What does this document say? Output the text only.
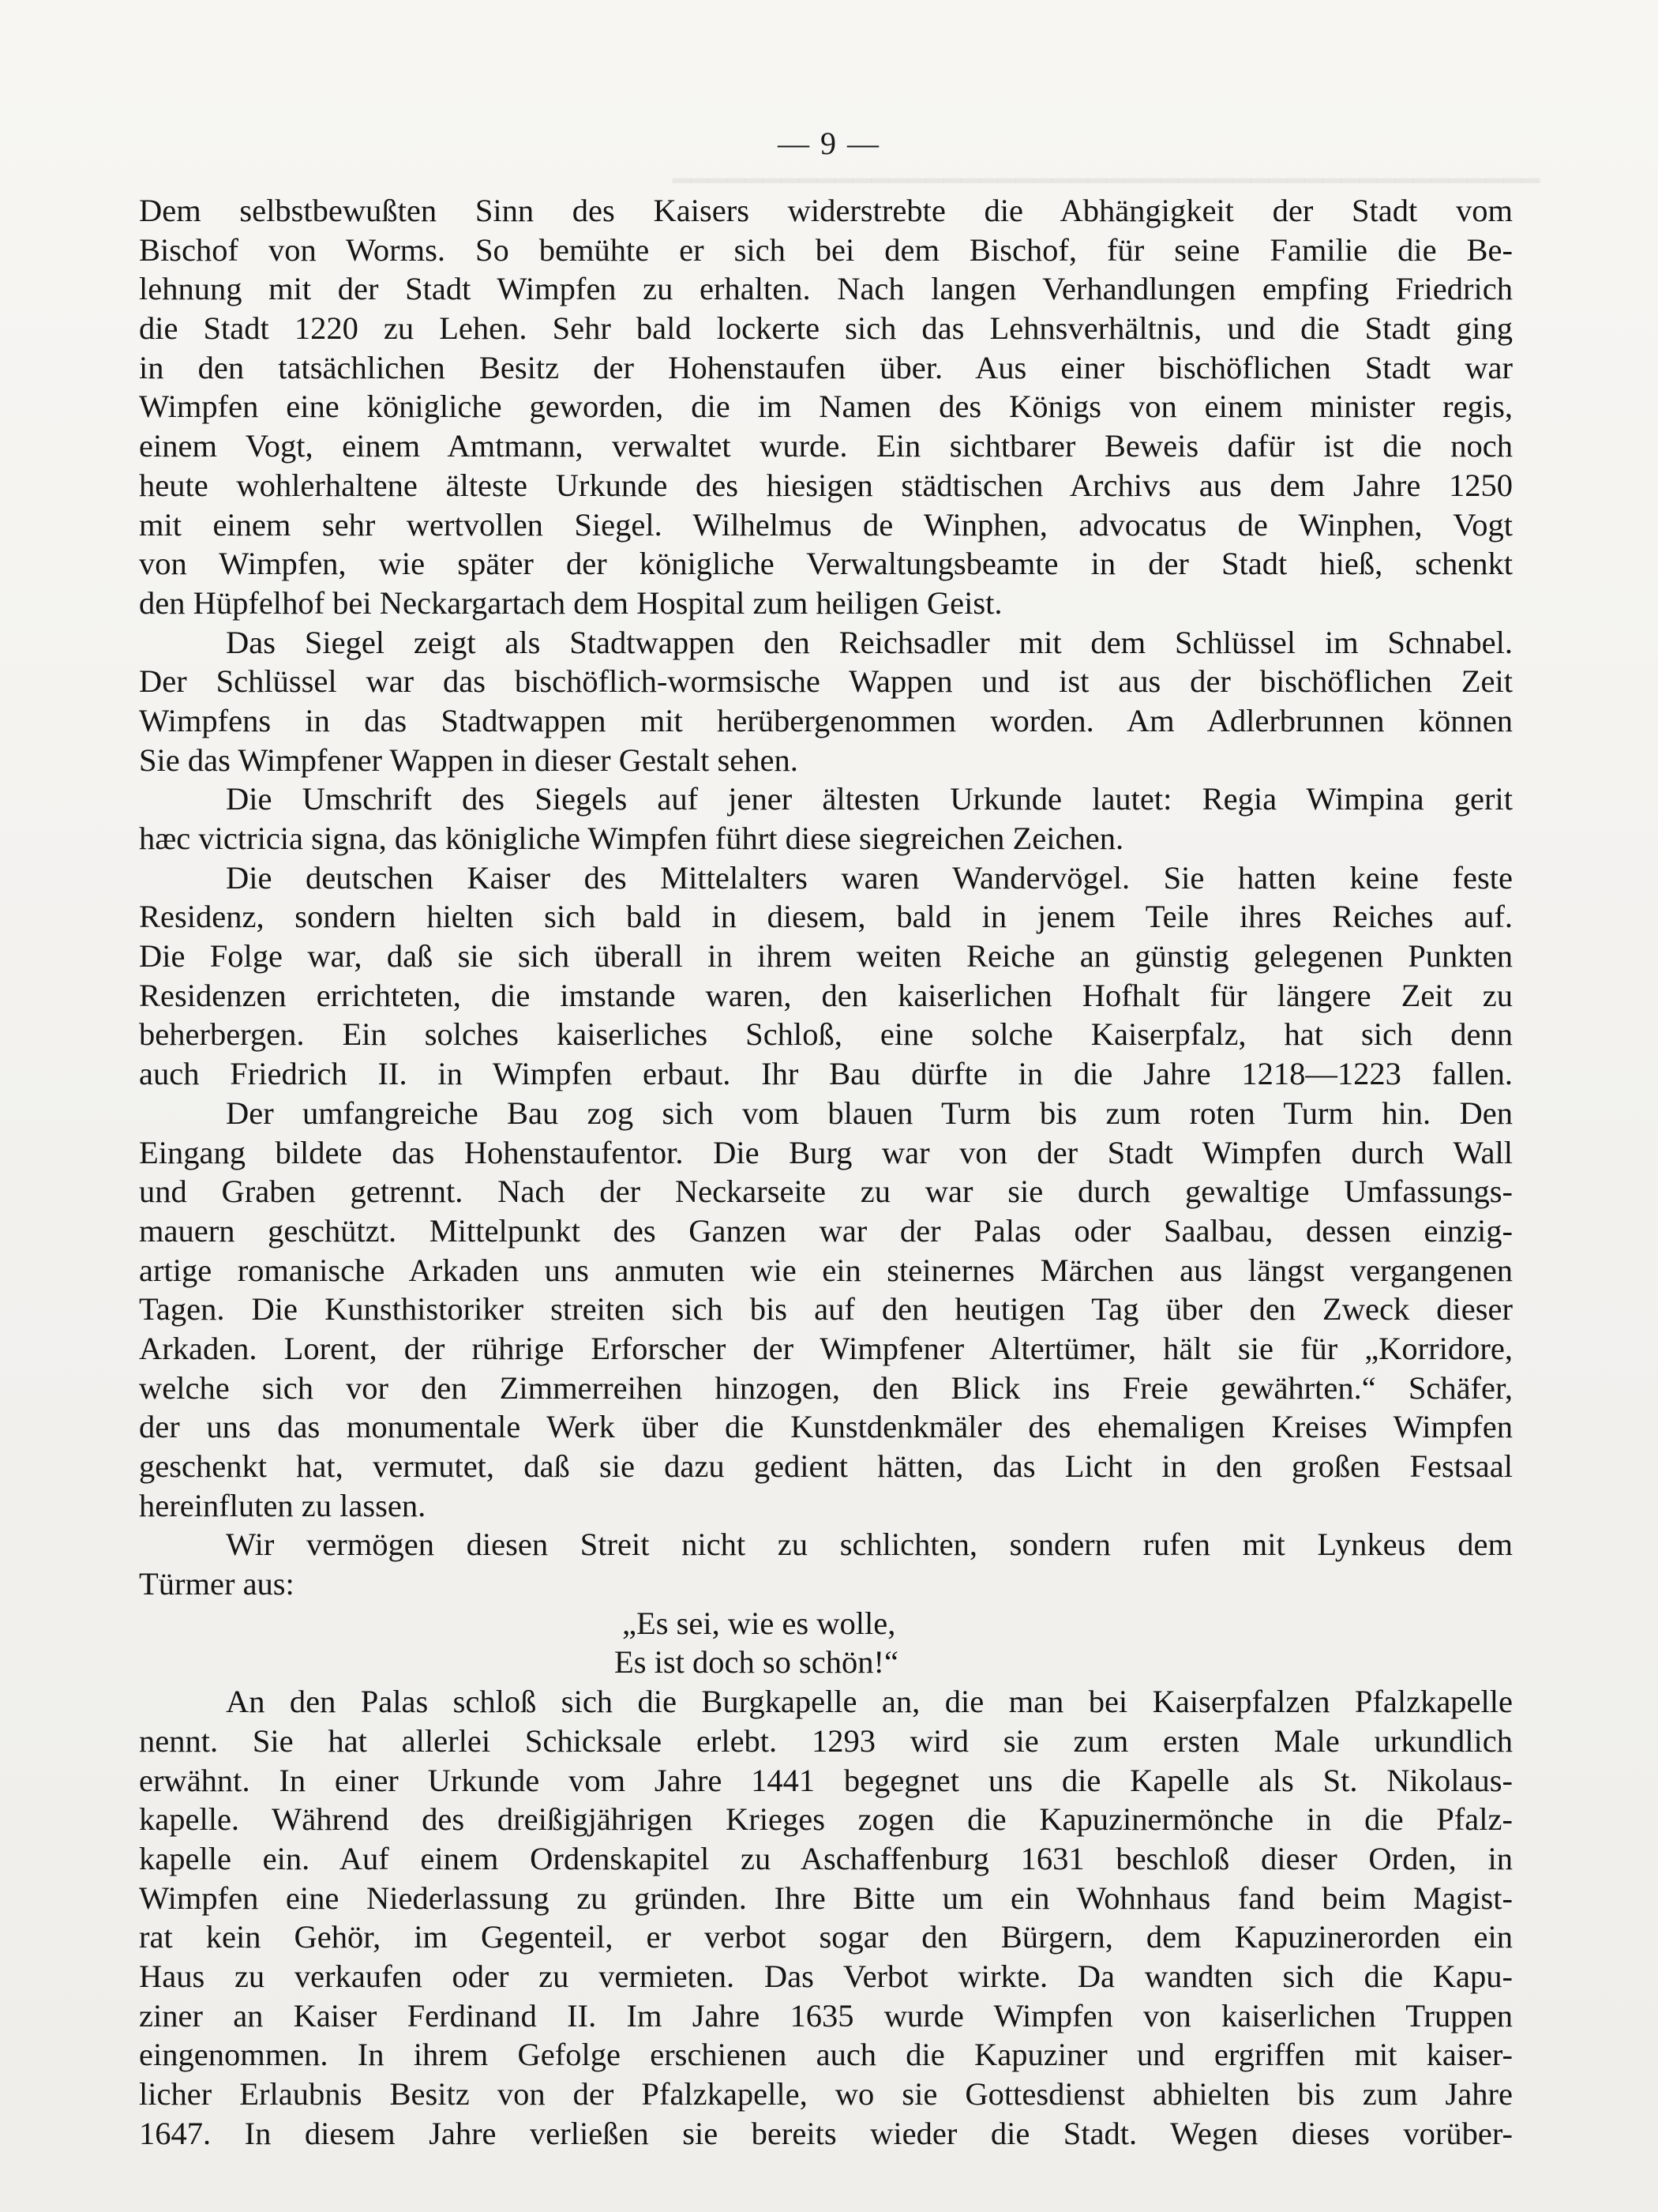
━━━━━━━━━━━━━━━━━━━━━━━━━━━━━━━━━━━━━━━━━━━━━━━━
— 9 —
Dem selbstbewußten Sinn des Kaisers widerstrebte die Abhängigkeit der Stadt vom
Bischof von Worms. So bemühte er sich bei dem Bischof, für seine Familie die Be-
lehnung mit der Stadt Wimpfen zu erhalten. Nach langen Verhandlungen empfing Friedrich
die Stadt 1220 zu Lehen. Sehr bald lockerte sich das Lehnsverhältnis, und die Stadt ging
in den tatsächlichen Besitz der Hohenstaufen über. Aus einer bischöflichen Stadt war
Wimpfen eine königliche geworden, die im Namen des Königs von einem minister regis,
einem Vogt, einem Amtmann, verwaltet wurde. Ein sichtbarer Beweis dafür ist die noch
heute wohlerhaltene älteste Urkunde des hiesigen städtischen Archivs aus dem Jahre 1250
mit einem sehr wertvollen Siegel. Wilhelmus de Winphen, advocatus de Winphen, Vogt
von Wimpfen, wie später der königliche Verwaltungsbeamte in der Stadt hieß, schenkt
den Hüpfelhof bei Neckargartach dem Hospital zum heiligen Geist.
Das Siegel zeigt als Stadtwappen den Reichsadler mit dem Schlüssel im Schnabel.
Der Schlüssel war das bischöflich-wormsische Wappen und ist aus der bischöflichen Zeit
Wimpfens in das Stadtwappen mit herübergenommen worden. Am Adlerbrunnen können
Sie das Wimpfener Wappen in dieser Gestalt sehen.
Die Umschrift des Siegels auf jener ältesten Urkunde lautet: Regia Wimpina gerit
hæc victricia signa, das königliche Wimpfen führt diese siegreichen Zeichen.
Die deutschen Kaiser des Mittelalters waren Wandervögel. Sie hatten keine feste
Residenz, sondern hielten sich bald in diesem, bald in jenem Teile ihres Reiches auf.
Die Folge war, daß sie sich überall in ihrem weiten Reiche an günstig gelegenen Punkten
Residenzen errichteten, die imstande waren, den kaiserlichen Hofhalt für längere Zeit zu
beherbergen. Ein solches kaiserliches Schloß, eine solche Kaiserpfalz, hat sich denn
auch Friedrich II. in Wimpfen erbaut. Ihr Bau dürfte in die Jahre 1218—1223 fallen.
Der umfangreiche Bau zog sich vom blauen Turm bis zum roten Turm hin. Den
Eingang bildete das Hohenstaufentor. Die Burg war von der Stadt Wimpfen durch Wall
und Graben getrennt. Nach der Neckarseite zu war sie durch gewaltige Umfassungs-
mauern geschützt. Mittelpunkt des Ganzen war der Palas oder Saalbau, dessen einzig-
artige romanische Arkaden uns anmuten wie ein steinernes Märchen aus längst vergangenen
Tagen. Die Kunsthistoriker streiten sich bis auf den heutigen Tag über den Zweck dieser
Arkaden. Lorent, der rührige Erforscher der Wimpfener Altertümer, hält sie für „Korridore,
welche sich vor den Zimmerreihen hinzogen, den Blick ins Freie gewährten.“ Schäfer,
der uns das monumentale Werk über die Kunstdenkmäler des ehemaligen Kreises Wimpfen
geschenkt hat, vermutet, daß sie dazu gedient hätten, das Licht in den großen Festsaal
hereinfluten zu lassen.
Wir vermögen diesen Streit nicht zu schlichten, sondern rufen mit Lynkeus dem
Türmer aus:
„Es sei, wie es wolle,
Es ist doch so schön!“
An den Palas schloß sich die Burgkapelle an, die man bei Kaiserpfalzen Pfalzkapelle
nennt. Sie hat allerlei Schicksale erlebt. 1293 wird sie zum ersten Male urkundlich
erwähnt. In einer Urkunde vom Jahre 1441 begegnet uns die Kapelle als St. Nikolaus-
kapelle. Während des dreißigjährigen Krieges zogen die Kapuzinermönche in die Pfalz-
kapelle ein. Auf einem Ordenskapitel zu Aschaffenburg 1631 beschloß dieser Orden, in
Wimpfen eine Niederlassung zu gründen. Ihre Bitte um ein Wohnhaus fand beim Magist-
rat kein Gehör, im Gegenteil, er verbot sogar den Bürgern, dem Kapuzinerorden ein
Haus zu verkaufen oder zu vermieten. Das Verbot wirkte. Da wandten sich die Kapu-
ziner an Kaiser Ferdinand II. Im Jahre 1635 wurde Wimpfen von kaiserlichen Truppen
eingenommen. In ihrem Gefolge erschienen auch die Kapuziner und ergriffen mit kaiser-
licher Erlaubnis Besitz von der Pfalzkapelle, wo sie Gottesdienst abhielten bis zum Jahre
1647. In diesem Jahre verließen sie bereits wieder die Stadt. Wegen dieses vorüber-
